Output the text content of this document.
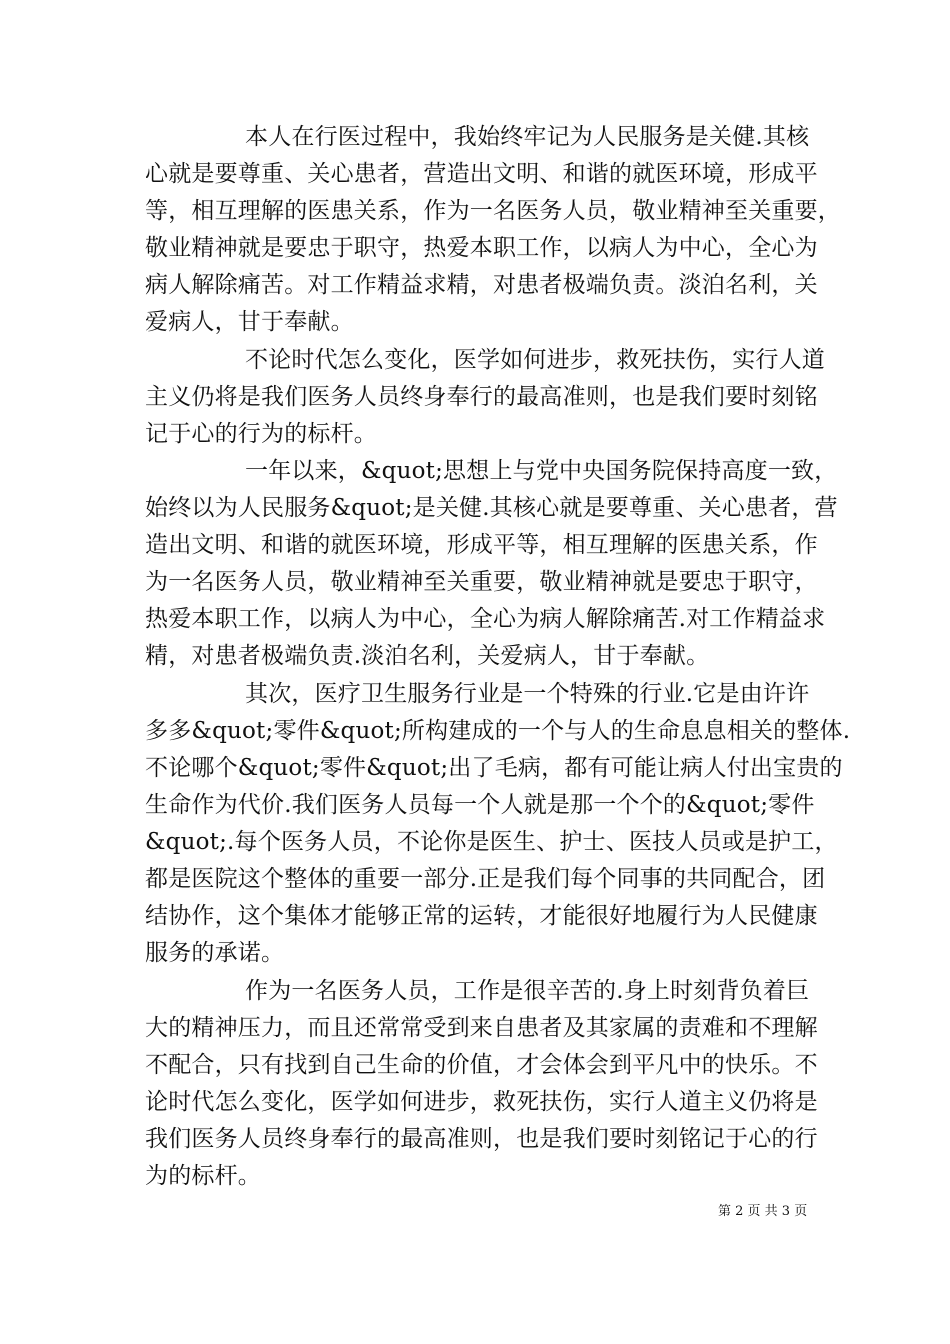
本人在行医过程中，我始终牢记为人民服务是关健.其核
心就是要尊重、关心患者，营造出文明、和谐的就医环境，形成平
等，相互理解的医患关系，作为一名医务人员，敬业精神至关重要，
敬业精神就是要忠于职守，热爱本职工作，以病人为中心，全心为
病人解除痛苦。对工作精益求精，对患者极端负责。淡泊名利，关
爱病人，甘于奉献。
不论时代怎么变化，医学如何进步，救死扶伤，实行人道
主义仍将是我们医务人员终身奉行的最高准则，也是我们要时刻铭
记于心的行为的标杆。
一年以来，&quot;思想上与党中央国务院保持高度一致，
始终以为人民服务&quot;是关健.其核心就是要尊重、关心患者，营
造出文明、和谐的就医环境，形成平等，相互理解的医患关系，作
为一名医务人员，敬业精神至关重要，敬业精神就是要忠于职守，
热爱本职工作，以病人为中心，全心为病人解除痛苦.对工作精益求
精，对患者极端负责.淡泊名利，关爱病人，甘于奉献。
其次，医疗卫生服务行业是一个特殊的行业.它是由许许
多多&quot;零件&quot;所构建成的一个与人的生命息息相关的整体.
不论哪个&quot;零件&quot;出了毛病，都有可能让病人付出宝贵的
生命作为代价.我们医务人员每一个人就是那一个个的&quot;零件
&quot;.每个医务人员，不论你是医生、护士、医技人员或是护工，
都是医院这个整体的重要一部分.正是我们每个同事的共同配合，团
结协作，这个集体才能够正常的运转，才能很好地履行为人民健康
服务的承诺。
作为一名医务人员，工作是很辛苦的.身上时刻背负着巨
大的精神压力，而且还常常受到来自患者及其家属的责难和不理解
不配合，只有找到自己生命的价值，才会体会到平凡中的快乐。不
论时代怎么变化，医学如何进步，救死扶伤，实行人道主义仍将是
我们医务人员终身奉行的最高准则，也是我们要时刻铭记于心的行
为的标杆。
第 2 页 共 3 页
